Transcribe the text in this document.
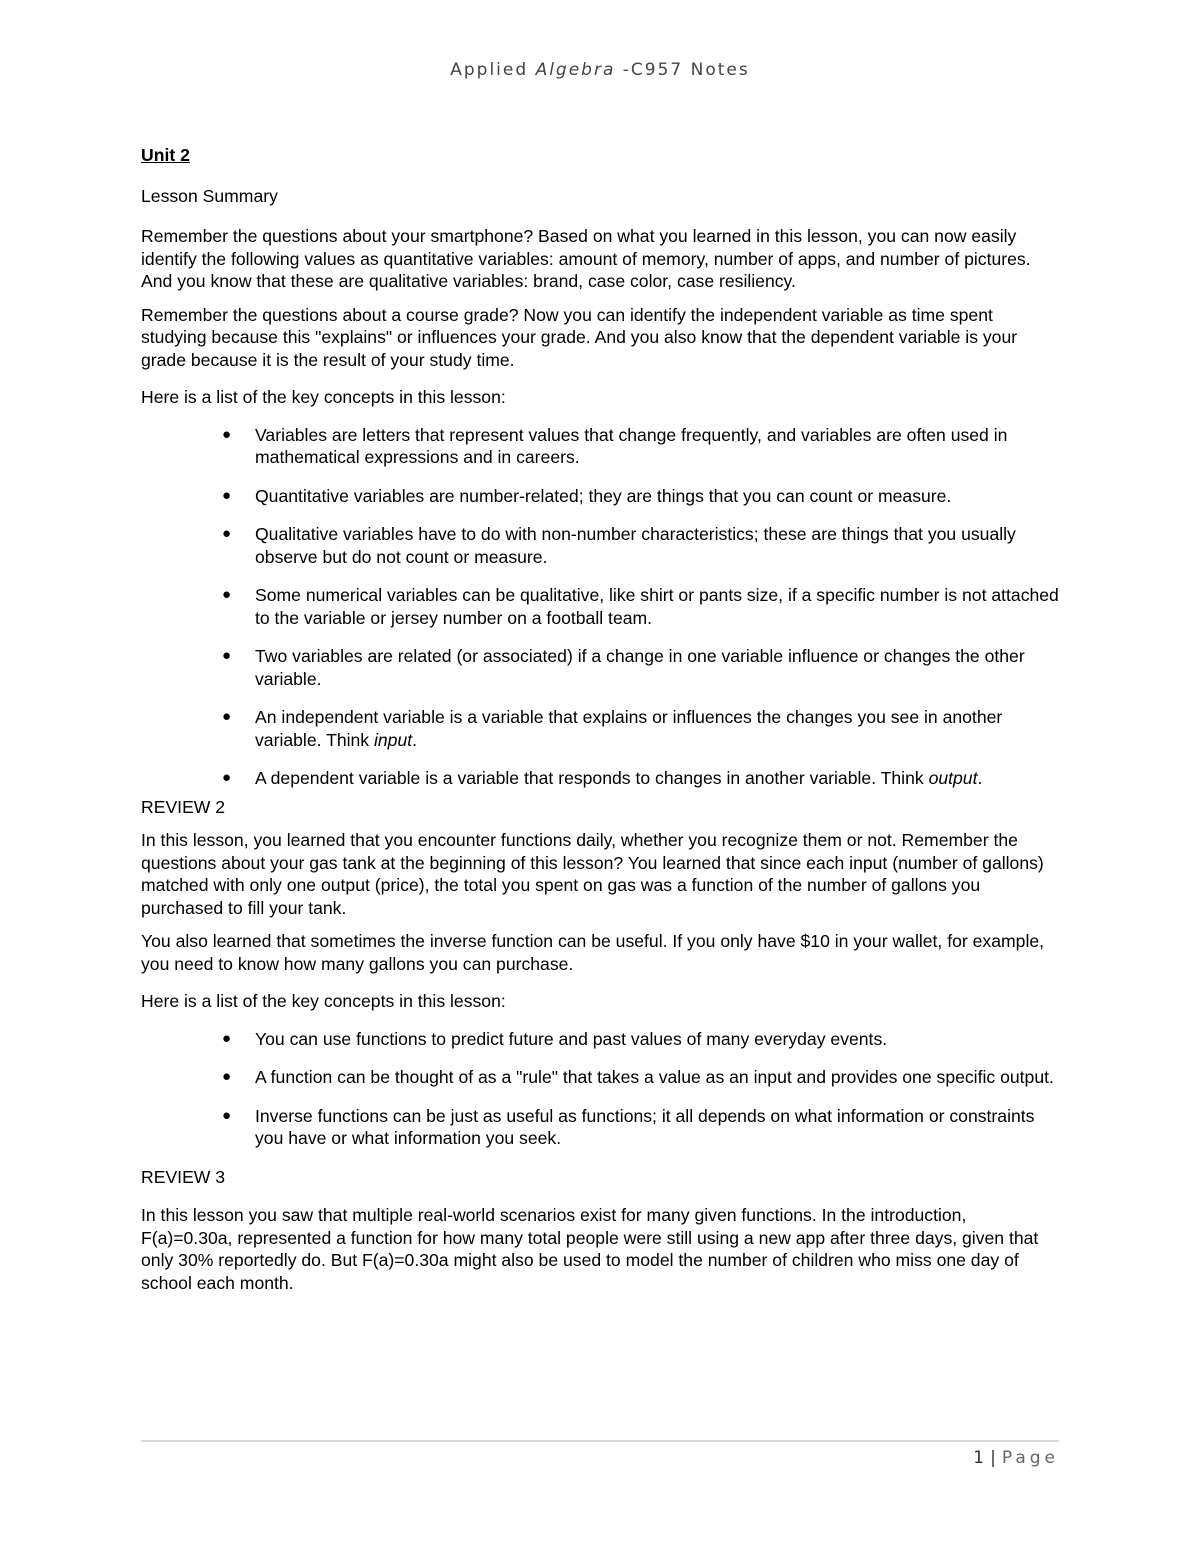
Applied Algebra -C957 Notes
Unit 2
Lesson Summary

Remember the questions about your smartphone? Based on what you learned in this lesson, you can now easily identify the following values as quantitative variables: amount of memory, number of apps, and number of pictures. And you know that these are qualitative variables: brand, case color, case resiliency.

Remember the questions about a course grade? Now you can identify the independent variable as time spent studying because this "explains" or influences your grade. And you also know that the dependent variable is your grade because it is the result of your study time.

Here is a list of the key concepts in this lesson:

● Variables are letters that represent values that change frequently, and variables are often used in mathematical expressions and in careers.
● Quantitative variables are number-related; they are things that you can count or measure.
● Qualitative variables have to do with non-number characteristics; these are things that you usually observe but do not count or measure.
● Some numerical variables can be qualitative, like shirt or pants size, if a specific number is not attached to the variable or jersey number on a football team.
● Two variables are related (or associated) if a change in one variable influence or changes the other variable.
● An independent variable is a variable that explains or influences the changes you see in another variable. Think input.
● A dependent variable is a variable that responds to changes in another variable. Think output.
REVIEW 2

In this lesson, you learned that you encounter functions daily, whether you recognize them or not. Remember the questions about your gas tank at the beginning of this lesson? You learned that since each input (number of gallons) matched with only one output (price), the total you spent on gas was a function of the number of gallons you purchased to fill your tank.

You also learned that sometimes the inverse function can be useful. If you only have $10 in your wallet, for example, you need to know how many gallons you can purchase.

Here is a list of the key concepts in this lesson:

● You can use functions to predict future and past values of many everyday events.
● A function can be thought of as a "rule" that takes a value as an input and provides one specific output.
● Inverse functions can be just as useful as functions; it all depends on what information or constraints you have or what information you seek.
REVIEW 3

In this lesson you saw that multiple real-world scenarios exist for many given functions. In the introduction, F(a)=0.30a, represented a function for how many total people were still using a new app after three days, given that only 30% reportedly do. But F(a)=0.30a might also be used to model the number of children who miss one day of school each month.

1 | Page
